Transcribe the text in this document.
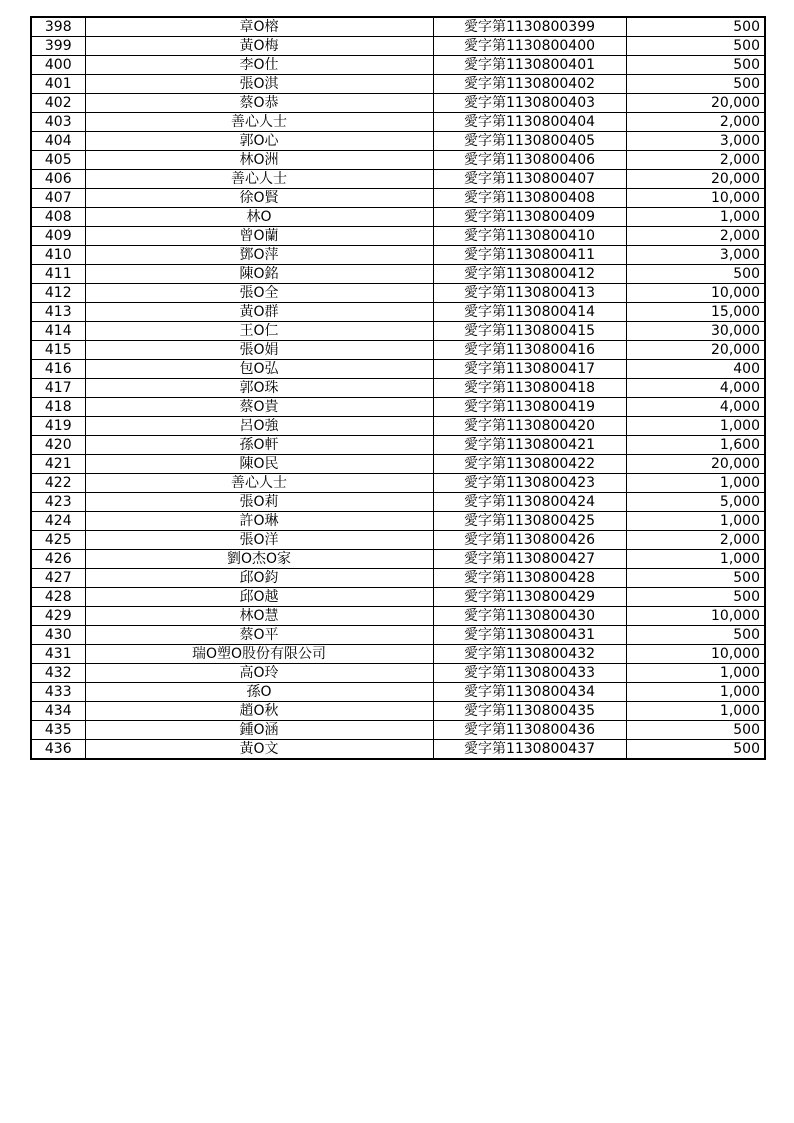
398	章O榕	愛字第1130800399	500
399	黃O梅	愛字第1130800400	500
400	李O仕	愛字第1130800401	500
401	張O淇	愛字第1130800402	500
402	蔡O恭	愛字第1130800403	20,000
403	善心人士	愛字第1130800404	2,000
404	郭O心	愛字第1130800405	3,000
405	林O洲	愛字第1130800406	2,000
406	善心人士	愛字第1130800407	20,000
407	徐O賢	愛字第1130800408	10,000
408	林O	愛字第1130800409	1,000
409	曾O蘭	愛字第1130800410	2,000
410	鄧O萍	愛字第1130800411	3,000
411	陳O銘	愛字第1130800412	500
412	張O全	愛字第1130800413	10,000
413	黃O群	愛字第1130800414	15,000
414	王O仁	愛字第1130800415	30,000
415	張O娟	愛字第1130800416	20,000
416	包O弘	愛字第1130800417	400
417	郭O珠	愛字第1130800418	4,000
418	蔡O貴	愛字第1130800419	4,000
419	呂O強	愛字第1130800420	1,000
420	孫O軒	愛字第1130800421	1,600
421	陳O民	愛字第1130800422	20,000
422	善心人士	愛字第1130800423	1,000
423	張O莉	愛字第1130800424	5,000
424	許O琳	愛字第1130800425	1,000
425	張O洋	愛字第1130800426	2,000
426	劉O杰O家	愛字第1130800427	1,000
427	邱O鈞	愛字第1130800428	500
428	邱O越	愛字第1130800429	500
429	林O慧	愛字第1130800430	10,000
430	蔡O平	愛字第1130800431	500
431	瑞O塑O股份有限公司	愛字第1130800432	10,000
432	高O玲	愛字第1130800433	1,000
433	孫O	愛字第1130800434	1,000
434	趙O秋	愛字第1130800435	1,000
435	鍾O涵	愛字第1130800436	500
436	黃O文	愛字第1130800437	500
